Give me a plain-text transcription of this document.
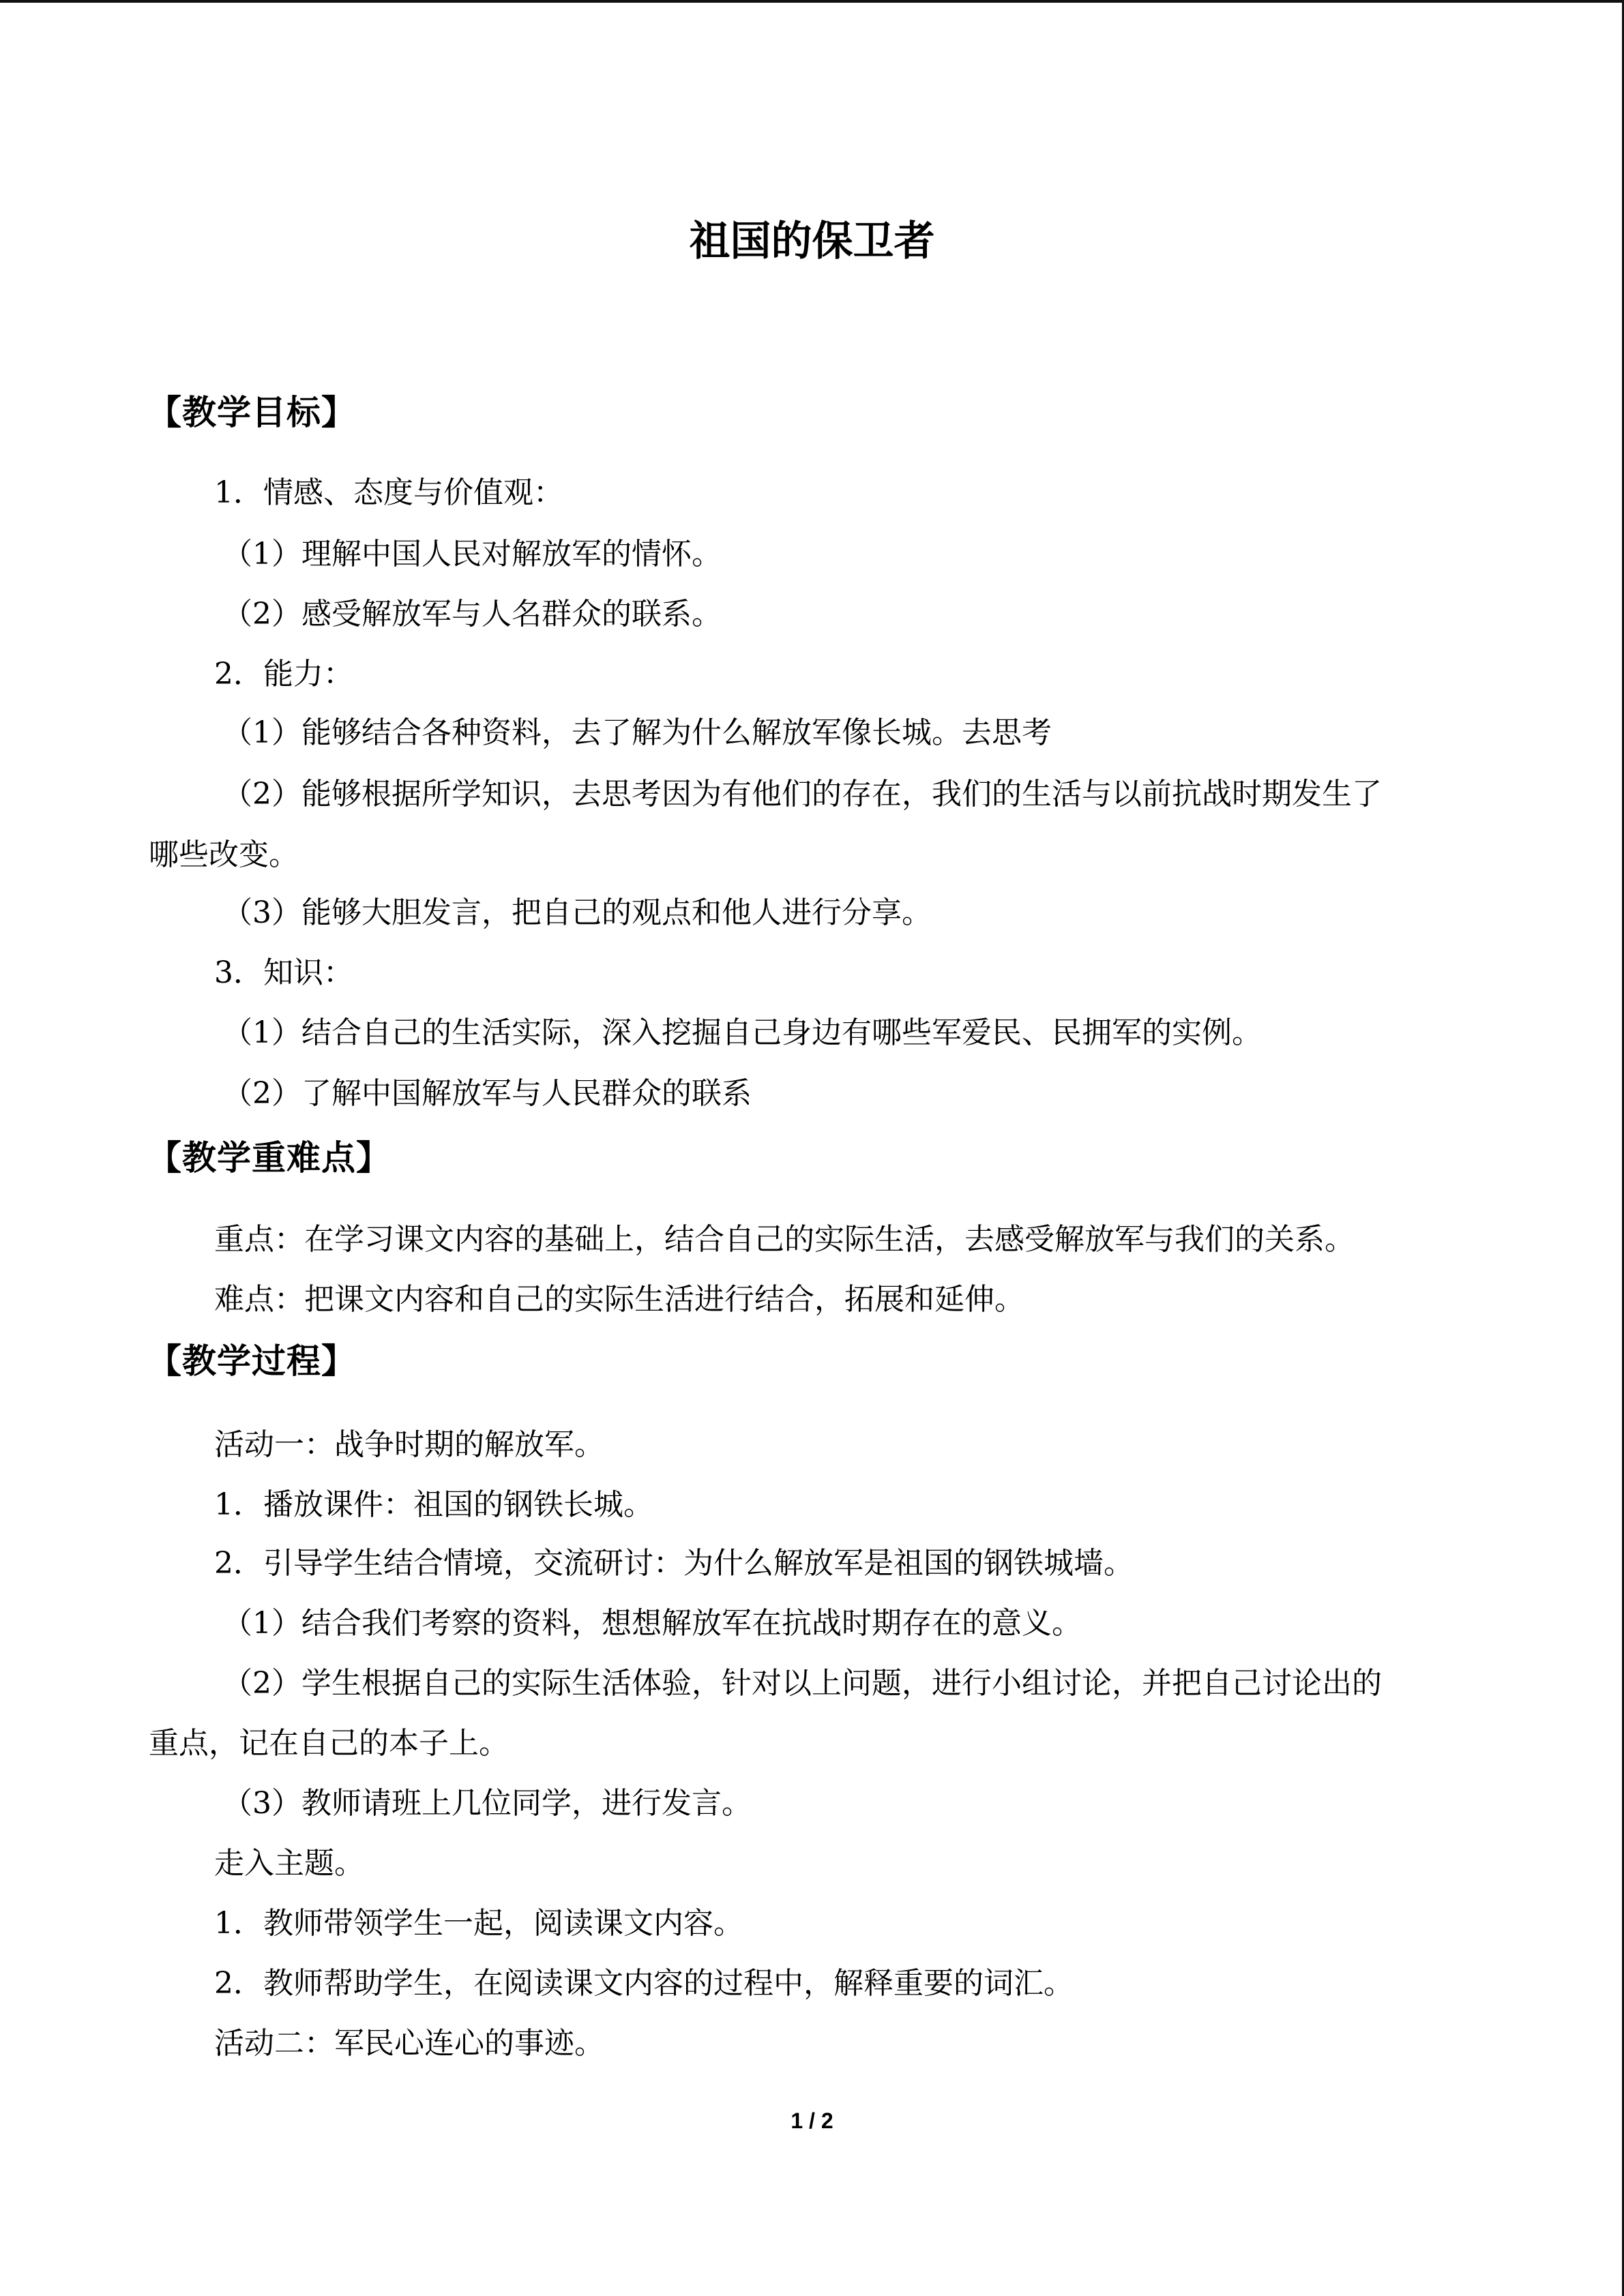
祖国的保卫者
【教学目标】
1．情感、态度与价值观：
（1）理解中国人民对解放军的情怀。
（2）感受解放军与人名群众的联系。
2．能力：
（1）能够结合各种资料，去了解为什么解放军像长城。去思考
（2）能够根据所学知识，去思考因为有他们的存在，我们的生活与以前抗战时期发生了
哪些改变。
（3）能够大胆发言，把自己的观点和他人进行分享。
3．知识：
（1）结合自己的生活实际，深入挖掘自己身边有哪些军爱民、民拥军的实例。
（2）了解中国解放军与人民群众的联系
【教学重难点】
重点：在学习课文内容的基础上，结合自己的实际生活，去感受解放军与我们的关系。
难点：把课文内容和自己的实际生活进行结合，拓展和延伸。
【教学过程】
活动一：战争时期的解放军。
1．播放课件：祖国的钢铁长城。
2．引导学生结合情境，交流研讨：为什么解放军是祖国的钢铁城墙。
（1）结合我们考察的资料，想想解放军在抗战时期存在的意义。
（2）学生根据自己的实际生活体验，针对以上问题，进行小组讨论，并把自己讨论出的
重点，记在自己的本子上。
（3）教师请班上几位同学，进行发言。
走入主题。
1．教师带领学生一起，阅读课文内容。
2．教师帮助学生，在阅读课文内容的过程中，解释重要的词汇。
活动二：军民心连心的事迹。
1 / 2
